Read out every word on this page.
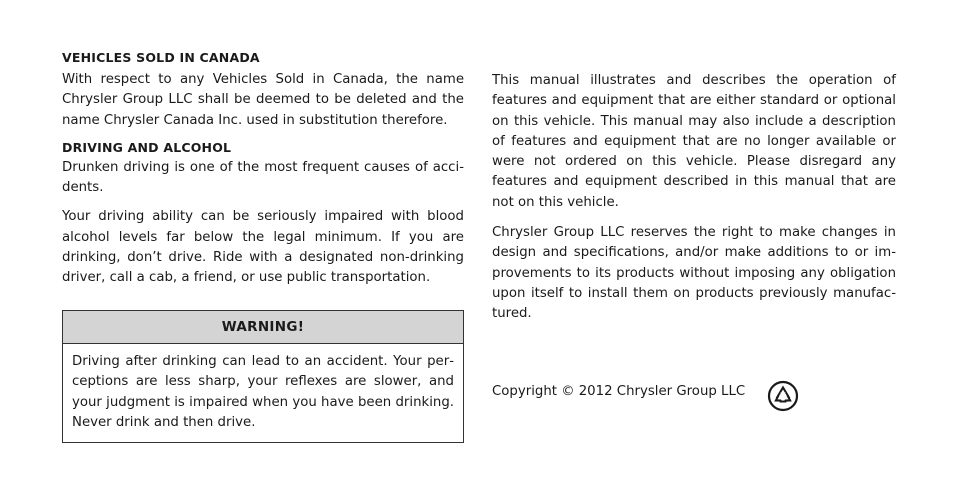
VEHICLES SOLD IN CANADA

With respect to any Vehicles Sold in Canada, the name Chrysler Group LLC shall be deemed to be deleted and the name Chrysler Canada Inc. used in substitution therefore.

DRIVING AND ALCOHOL

Drunken driving is one of the most frequent causes of accidents.

Your driving ability can be seriously impaired with blood alcohol levels far below the legal minimum. If you are drinking, don’t drive. Ride with a designated non-drinking driver, call a cab, a friend, or use public transportation.

WARNING!

Driving after drinking can lead to an accident. Your perceptions are less sharp, your reflexes are slower, and your judgment is impaired when you have been drinking. Never drink and then drive.

This manual illustrates and describes the operation of features and equipment that are either standard or optional on this vehicle. This manual may also include a description of features and equipment that are no longer available or were not ordered on this vehicle. Please disregard any features and equipment described in this manual that are not on this vehicle.

Chrysler Group LLC reserves the right to make changes in design and specifications, and/or make additions to or improvements to its products without imposing any obligation upon itself to install them on products previously manufactured.

Copyright © 2012 Chrysler Group LLC
